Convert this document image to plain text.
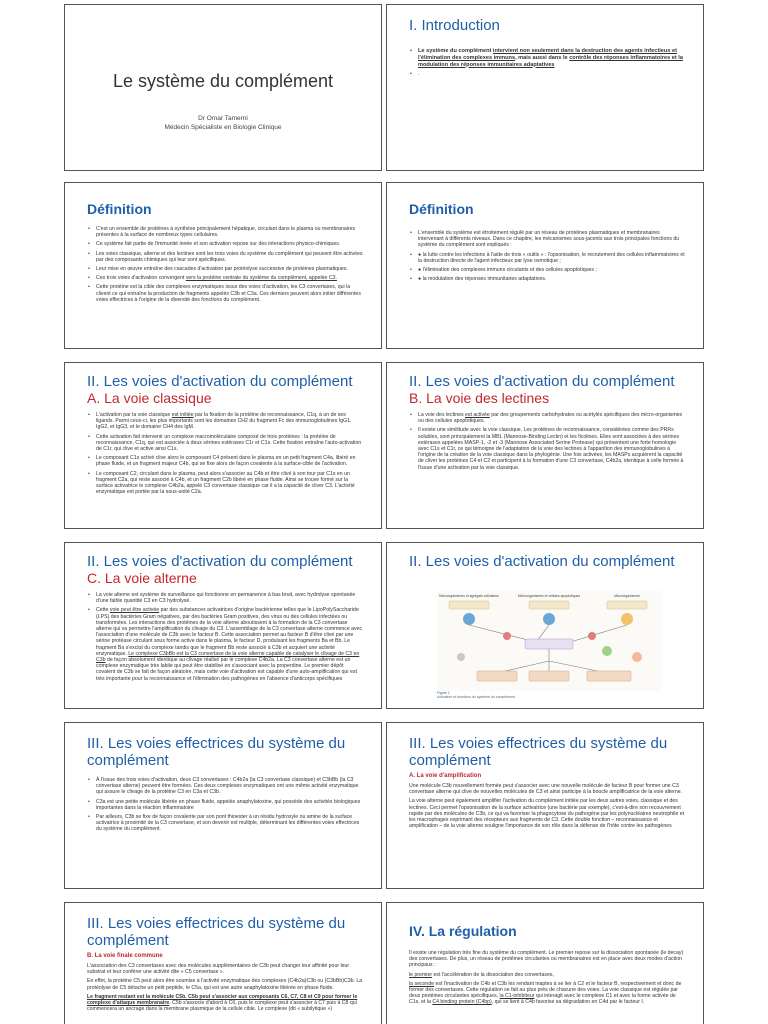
Le système du complément
Dr Omar Tamerni
Médecin Spécialiste en Biologie Clinique
I. Introduction
• Le système du complément intervient non seulement dans la destruction des agents infectieux et l'élimination des complexes immuns, mais aussi dans le contrôle des réponses inflammatoires et la modulation des réponses immunitaires adaptatives
• .
Définition
• C'est un ensemble de protéines à synthèse principalement hépatique, circulant dans le plasma ou membranaires présentes à la surface de nombreux types cellulaires.
• Ce système fait partie de l'immunité innée et son activation repose sur des interactions physico-chimiques.
• Les voies classique, alterne et des lectines sont les trois voies du système du complément qui peuvent être activées par des composants chimiques qui leur sont spécifiques.
• Leur mise en œuvre entraîne des cascades d'activation par protéolyse successive de protéines plasmatiques.
• Ces trois voies d'activation convergent vers la protéine centrale du système du complément, appelée C3.
• Cette protéine est la cible des complexes enzymatiques issus des voies d'activation, les C3 convertases, qui la clivent ce qui entraîne la production de fragments appelés C3b et C3a. Ces derniers peuvent alors initier différentes voies effectrices à l'origine de la diversité des fonctions du complément.
Définition
• L'ensemble du système est étroitement régulé par un réseau de protéines plasmatiques et membranaires intervenant à différents niveaux. Dans ce chapitre, les mécanismes sous-jacents aux trois principales fonctions du système du complément sont expliqués :
• ● la lutte contre les infections à l'aide de trois « outils » : l'opsonisation, le recrutement des cellules inflammatoires et la destruction directe de l'agent infectieux par lyse osmotique ;
• ● l'élimination des complexes immuns circulants et des cellules apoptotiques ;
• ● la modulation des réponses immunitaires adaptatives.
II. Les voies d'activation du complément
A. La voie classique
• L'activation par la voie classique est initiée par la fixation de la protéine de reconnaissance, C1q, à un de ses ligands. Parmi ceux-ci, les plus importants sont les domaines CH2 du fragment Fc des immunoglobulines IgG1, IgG2, et IgG3, et le domaine CH4 des IgM.
• Cette activation fait intervenir un complexe macromoléculaire composé de trois protéines : la protéine de reconnaissance, C1q, qui est associée à deux sérines estérases C1r et C1s. Cette fixation entraîne l'auto-activation de C1r, qui clive et active ainsi C1s.
• Le composant C1s activé clive alors le composant C4 présent dans le plasma en un petit fragment C4a, libéré en phase fluide, et un fragment majeur C4b, qui se fixe alors de façon covalente à la surface-cible de l'activation.
• Le composant C2, circulant dans le plasma, peut alors s'associer au C4b et être clivé à son tour par C1s en un fragment C2a, qui reste associé à C4b, et un fragment C2b libéré en phase fluide. Ainsi se trouve formé sur la surface activatrice le complexe C4b2a, appelé C3 convertase classique car il a la capacité de cliver C3. L'activité enzymatique est portée par la sous-unité C2a.
II. Les voies d'activation du complément
B. La voie des lectines
• La voie des lectines est activée par des groupements carbohydrates ou acétylés spécifiques des micro-organismes ou des cellules apoptotiques.
• Il existe une similitude avec la voie classique. Les protéines de reconnaissance, considérées comme des PRRs solubles, sont principalement la MBL (Mannose-Binding Lectin) et les ficolines. Elles sont associées à des sérines estérases appelées MASP-1, -2 et -3 (Mannose Associated Serine Protease) qui présentent une forte homologie avec C1s et C1r, ce qui témoigne de l'adaptation de la voie des lectines à l'apparition des immunoglobulines à l'origine de la création de la voie classique dans la phylogénie. Une fois activées, les MASPs acquièrent la capacité de cliver les protéines C4 et C2 et participent à la formation d'une C3 convertase, C4b2a, identique à celle formée à l'issue d'une activation par la voie classique.
II. Les voies d'activation du complément
C. La voie alterne
• La voie alterne est système de surveillance qui fonctionne en permanence à bas bruit, avec hydrolyse spontanée d'une faible quantité C3 en C3 hydrolysé.
• Cette voie peut être activée par des substances activatrices d'origine bactérienne telles que le LipoPolySaccharide (LPS) des bactéries Gram négatives, par des bactéries Gram positives, des virus ou des cellules infectées ou transformées. Les interactions des protéines de la voie alterne aboutissent à la formation de la C3 convertase alterne qui va permettre l'amplification du clivage du C3. L'assemblage de la C3 convertase alterne commence avec l'association d'une molécule de C3b avec le facteur B. Cette association permet au facteur B d'être clivé par une sérine protéase circulant sous forme active dans le plasma, le facteur D, produisant les fragments Ba et Bb. Le fragment Ba s'exclut du complexe tandis que le fragment Bb reste associé à C3b et acquiert une activité enzymatique. Le complexe C3bBb est la C3 convertase de la voie alterne capable de catalyser le clivage de C3 en C3b de façon absolument identique au clivage réalisé par le complexe C4b2a. La C3 convertase alterne est un complexe enzymatique très labile qui peut être stabilisé en s'associant avec la properdine. Le premier dépôt covalent de C3b se fait de façon aléatoire, mais cette voie d'activation est capable d'une auto-amplification qui est très importante pour la reconnaissance et l'élimination des pathogènes en l'absence d'anticorps spécifiques
II. Les voies d'activation du complément
Microorganismes et agrégats cellulaires	Microorganismes et cellules apoptotiques	Microorganismes
Figure 1
Activation et fonctions du système du complément.
III. Les voies effectrices du système du complément
• À l'issue des trois voies d'activation, deux C3 convertases : C4b2a (la C3 convertase classique) et C3bBb (la C3 convertase alterne) peuvent être formées. Ces deux complexes enzymatiques ont une même activité enzymatique qui assure le clivage de la protéine C3 en C3a et C3b.
• C3a est une petite molécule libérée en phase fluide, appelée anaphylatoxine, qui possède des activités biologiques importantes dans la réaction inflammatoire
• Par ailleurs, C3b se fixe de façon covalente par son pont thioester à un résidu hydroxyle ou amine de la surface activatrice à proximité de la C3 convertase, et son devenir est multiple, déterminant les différentes voies effectrices du système du complément.
III. Les voies effectrices du système du complément
A. La voie d'amplification

Une molécule C3b nouvellement formée peut s'associer avec une nouvelle molécule de facteur B pour former une C3 convertase alterne qui clive de nouvelles molécules de C3 et ainsi participe à la boucle amplificatrice de la voie alterne.

La voie alterne peut également amplifier l'activation du complément initiée par les deux autres voies, classique et des lectines. Ceci permet l'opsonisation de la surface activatrice (une bactérie par exemple), c'est-à-dire son recouvrement rapide par des molécules de C3b, ce qui va favoriser la phagocytose du pathogène par les polynucléaires neutrophile et les macrophages exprimant des récepteurs aux fragments de C3. Cette double fonction – reconnaissance et amplification – de la voie alterne souligne l'importance de son rôle dans la défense de l'hôte contre les pathogènes

III. Les voies effectrices du système du complément
B. La voie finale commune

L'association des C3 convertases avec des molécules supplémentaires de C3b peut changer leur affinité pour leur substrat et leur conférer une activité dite « C5 convertase ».

En effet, la protéine C5 peut alors être soumise à l'activité enzymatique des complexes (C4b2a)C3b ou (C3bBb)C3b. La protéolyse de C5 détache un petit peptide, le C5a, qui est une autre anaphylatoxine libérée en phase fluide.

Le fragment restant est la molécule C5b. C5b peut s'associer aux composants C6, C7, C8 et C9 pour former le complexe d'attaque membranaire. C5b s'associe d'abord à C6, puis le complexe peut s'associer à C7 puis à C8 qui commencera un ancrage dans la membrane plasmique de la cellule cible. Le complexe (dit « subilytique »)

IV. La régulation

Il existe une régulation très fine du système du complément. Le premier repose sur la dissociation spontanée (le decay) des convertases. De plus, un réseau de protéines circulantes ou membranaires est en place avec deux modes d'action principaux :

le premier est l'accélération de la dissociation des convertases,

la seconde est l'inactivation de C4b et C3b les rendant inaptes à se lier à C2 et le facteur B, respectivement et donc de former des convertases. Cette régulation se fait au plus près de chacune des voies. La voie classique est régulée par deux protéines circulantes spécifiques, la C1-inhibiteur qui interagit avec le complexe C1 et avec la forme activée de C1s, et la C4 binding protein (C4bp), qui se lient à C4b favorise sa dégradation en C4d par le facteur I.
